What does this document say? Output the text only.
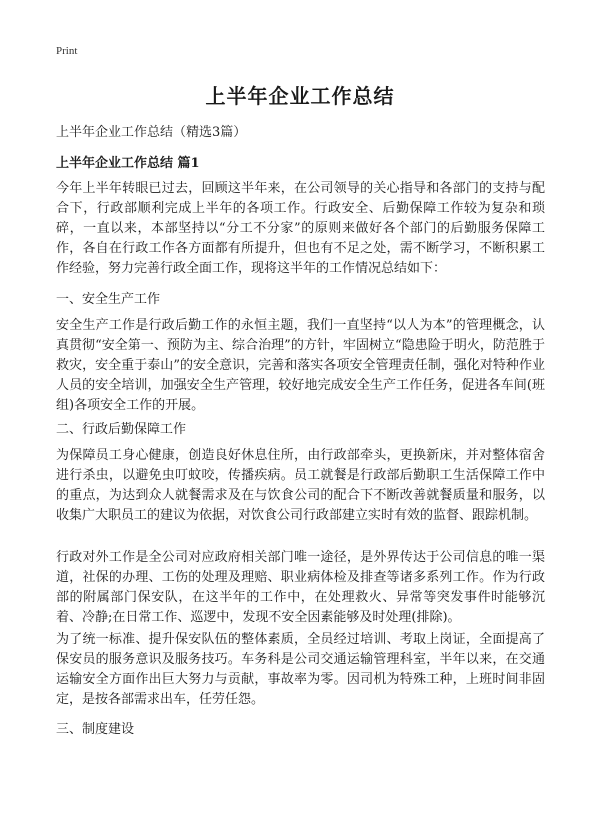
Print
上半年企业工作总结
上半年企业工作总结（精选3篇）
上半年企业工作总结 篇1
今年上半年转眼已过去，回顾这半年来，在公司领导的关心指导和各部门的支持与配合下，行政部顺利完成上半年的各项工作。行政安全、后勤保障工作较为复杂和琐碎，一直以来，本部坚持以“分工不分家”的原则来做好各个部门的后勤服务保障工作，各自在行政工作各方面都有所提升，但也有不足之处，需不断学习，不断积累工作经验，努力完善行政全面工作，现将这半年的工作情况总结如下：
一、安全生产工作
安全生产工作是行政后勤工作的永恒主题，我们一直坚持“以人为本”的管理概念，认真贯彻“安全第一、预防为主、综合治理”的方针，牢固树立“隐患险于明火，防范胜于救灾，安全重于泰山”的安全意识，完善和落实各项安全管理责任制，强化对特种作业人员的安全培训，加强安全生产管理，较好地完成安全生产工作任务，促进各车间(班组)各项安全工作的开展。
二、行政后勤保障工作
为保障员工身心健康，创造良好休息住所，由行政部牵头，更换新床，并对整体宿舍进行杀虫，以避免虫叮蚊咬，传播疾病。员工就餐是行政部后勤职工生活保障工作中的重点，为达到众人就餐需求及在与饮食公司的配合下不断改善就餐质量和服务，以收集广大职员工的建议为依据，对饮食公司行政部建立实时有效的监督、跟踪机制。
行政对外工作是全公司对应政府相关部门唯一途径，是外界传达于公司信息的唯一渠道，社保的办理、工伤的处理及理赔、职业病体检及排查等诸多系列工作。作为行政部的附属部门保安队，在这半年的工作中，在处理救火、异常等突发事件时能够沉着、冷静;在日常工作、巡逻中，发现不安全因素能够及时处理(排除)。
为了统一标准、提升保安队伍的整体素质，全员经过培训、考取上岗证，全面提高了保安员的服务意识及服务技巧。车务科是公司交通运输管理科室，半年以来，在交通运输安全方面作出巨大努力与贡献，事故率为零。因司机为特殊工种，上班时间非固定，是按各部需求出车，任劳任怨。
三、制度建设
